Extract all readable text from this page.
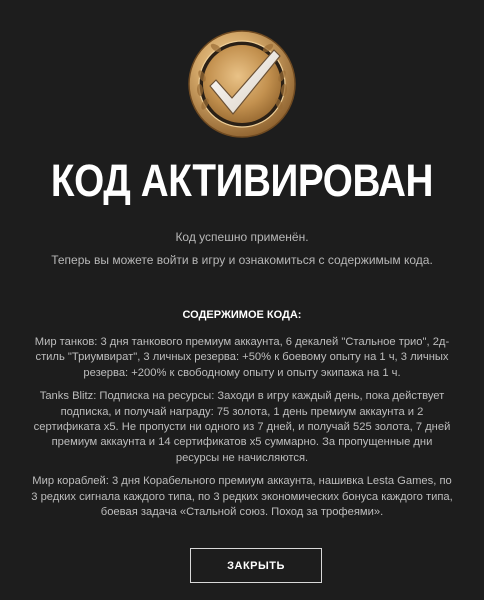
КОД АКТИВИРОВАН
Код успешно применён.
Теперь вы можете войти в игру и ознакомиться с содержимым кода.
СОДЕРЖИМОЕ КОДА:

Мир танков: 3 дня танкового премиум аккаунта, 6 декалей "Стальное трио", 2д-стиль "Триумвират", 3 личных резерва: +50% к боевому опыту на 1 ч, 3 личных резерва: +200% к свободному опыту и опыту экипажа на 1 ч.

Tanks Blitz: Подписка на ресурсы: Заходи в игру каждый день, пока действует подписка, и получай награду: 75 золота, 1 день премиум аккаунта и 2 сертификата x5. Не пропусти ни одного из 7 дней, и получай 525 золота, 7 дней премиум аккаунта и 14 сертификатов x5 суммарно. За пропущенные дни ресурсы не начисляются.

Мир кораблей: 3 дня Корабельного премиум аккаунта, нашивка Lesta Games, по 3 редких сигнала каждого типа, по 3 редких экономических бонуса каждого типа, боевая задача «Стальной союз. Поход за трофеями».

ЗАКРЫТЬ
